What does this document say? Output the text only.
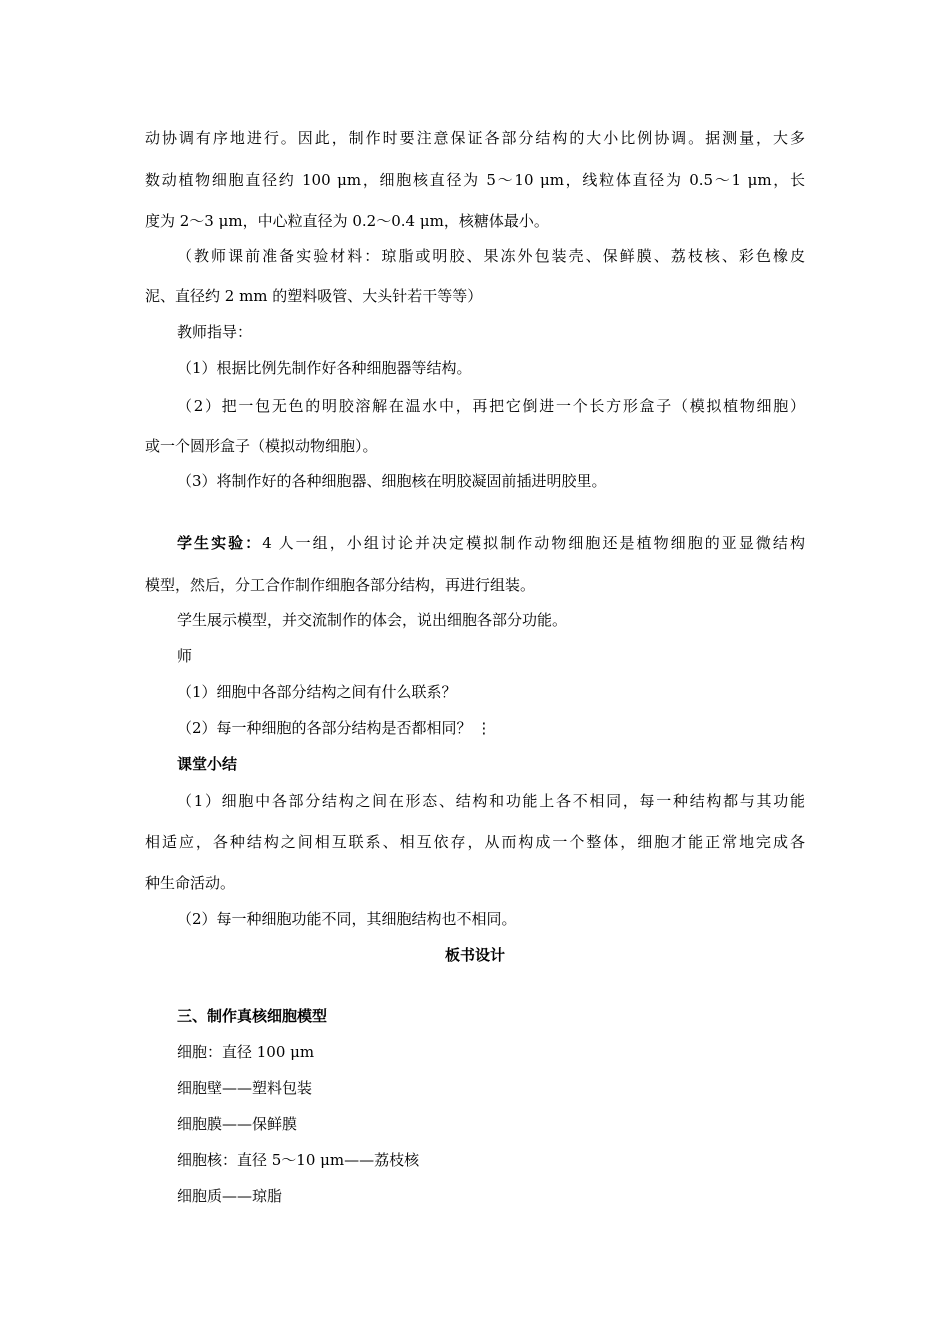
动协调有序地进行。因此，制作时要注意保证各部分结构的大小比例协调。据测量，大多
数动植物细胞直径约 100 μm，细胞核直径为 5～10 μm，线粒体直径为 0.5～1 μm，长
度为 2～3 μm，中心粒直径为 0.2～0.4 μm，核糖体最小。
（教师课前准备实验材料：琼脂或明胶、果冻外包装壳、保鲜膜、荔枝核、彩色橡皮
泥、直径约 2 mm 的塑料吸管、大头针若干等等）
教师指导：
（1）根据比例先制作好各种细胞器等结构。
（2）把一包无色的明胶溶解在温水中，再把它倒进一个长方形盒子（模拟植物细胞）
或一个圆形盒子（模拟动物细胞）。
（3）将制作好的各种细胞器、细胞核在明胶凝固前插进明胶里。
学生实验：4 人一组，小组讨论并决定模拟制作动物细胞还是植物细胞的亚显微结构
模型，然后，分工合作制作细胞各部分结构，再进行组装。
学生展示模型，并交流制作的体会，说出细胞各部分功能。
师
（1）细胞中各部分结构之间有什么联系？
（2）每一种细胞的各部分结构是否都相同？ ⋮
课堂小结
（1）细胞中各部分结构之间在形态、结构和功能上各不相同，每一种结构都与其功能
相适应，各种结构之间相互联系、相互依存，从而构成一个整体，细胞才能正常地完成各
种生命活动。
（2）每一种细胞功能不同，其细胞结构也不相同。
板书设计
三、制作真核细胞模型
细胞：直径 100 μm
细胞壁——塑料包装
细胞膜——保鲜膜
细胞核：直径 5～10 μm——荔枝核
细胞质——琼脂
